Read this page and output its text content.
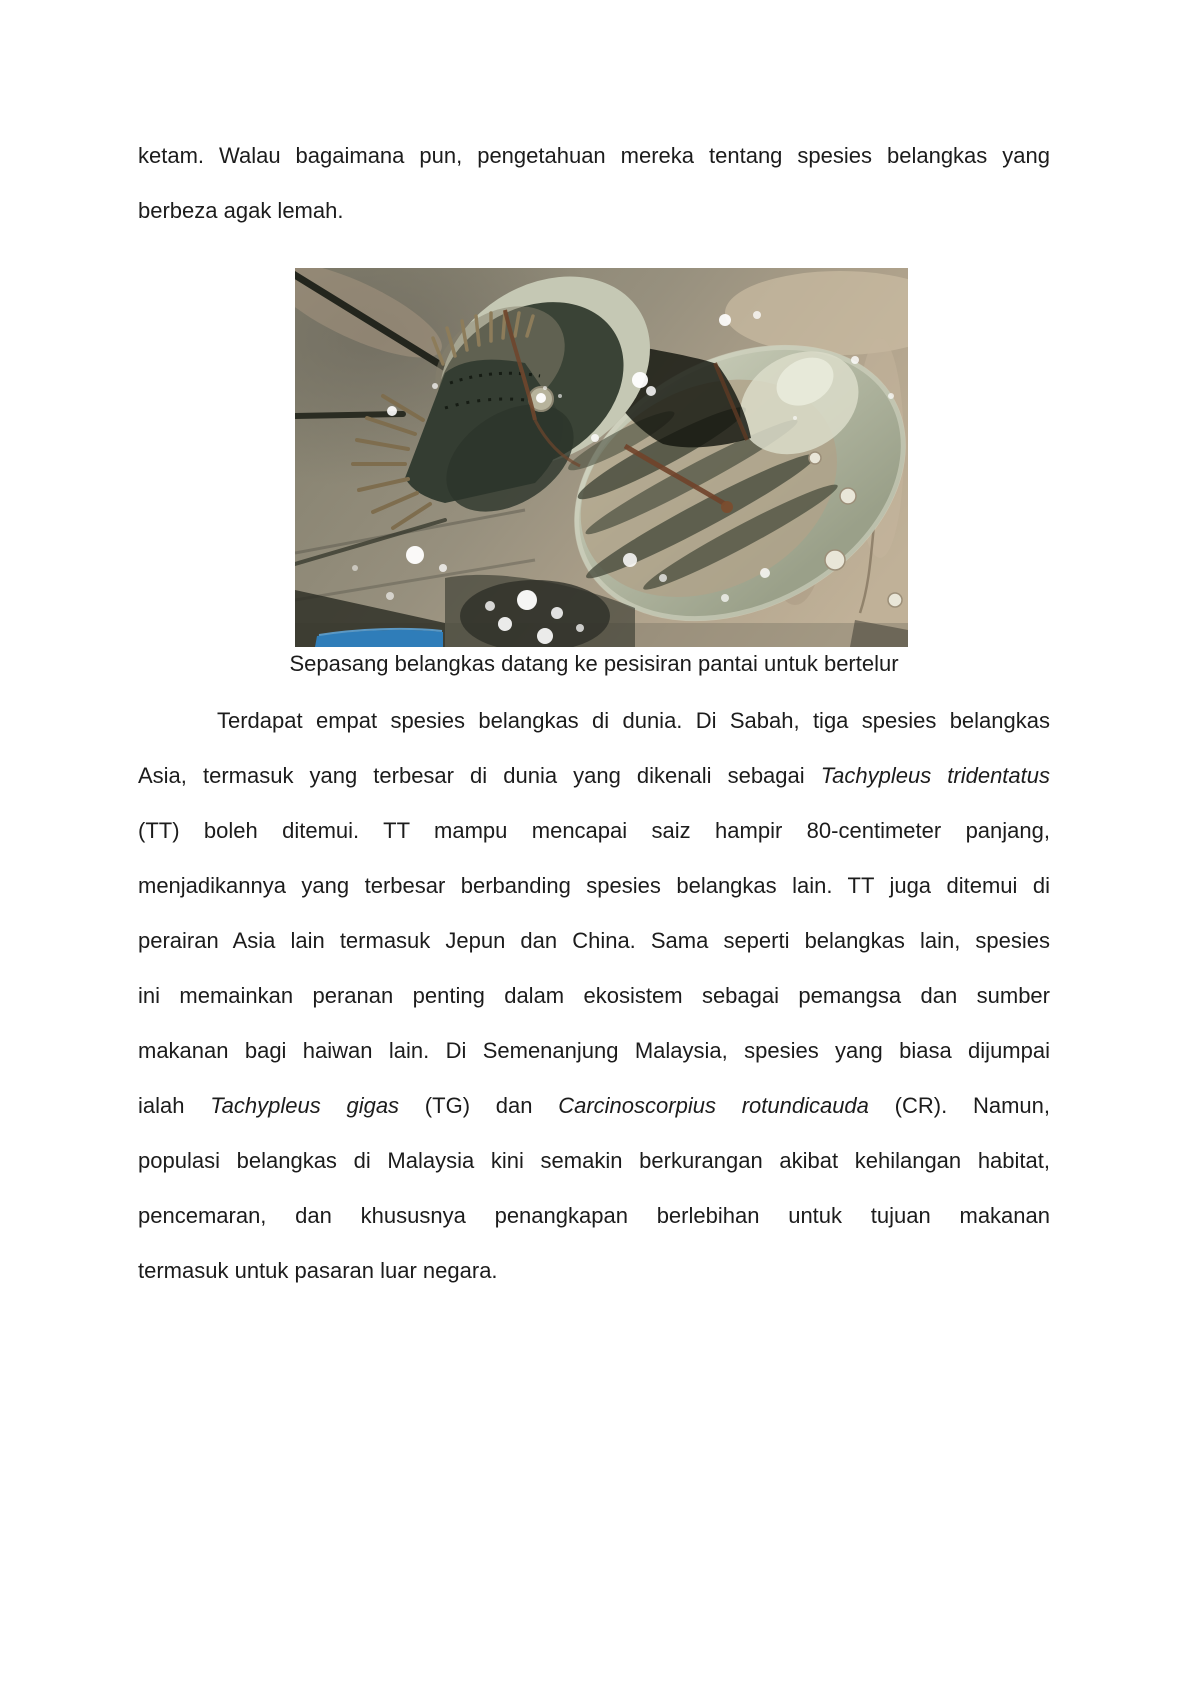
ketam. Walau bagaimana pun, pengetahuan mereka tentang spesies belangkas yang
berbeza agak lemah.
Sepasang belangkas datang ke pesisiran pantai untuk bertelur
Terdapat empat spesies belangkas di dunia. Di Sabah, tiga spesies belangkas
Asia, termasuk yang terbesar di dunia yang dikenali sebagai Tachypleus tridentatus
(TT) boleh ditemui. TT mampu mencapai saiz hampir 80-centimeter panjang,
menjadikannya yang terbesar berbanding spesies belangkas lain. TT juga ditemui di
perairan Asia lain termasuk Jepun dan China. Sama seperti belangkas lain, spesies
ini memainkan peranan penting dalam ekosistem sebagai pemangsa dan sumber
makanan bagi haiwan lain. Di Semenanjung Malaysia, spesies yang biasa dijumpai
ialah Tachypleus gigas (TG) dan Carcinoscorpius rotundicauda (CR). Namun,
populasi belangkas di Malaysia kini semakin berkurangan akibat kehilangan habitat,
pencemaran, dan khususnya penangkapan berlebihan untuk tujuan makanan
termasuk untuk pasaran luar negara.
